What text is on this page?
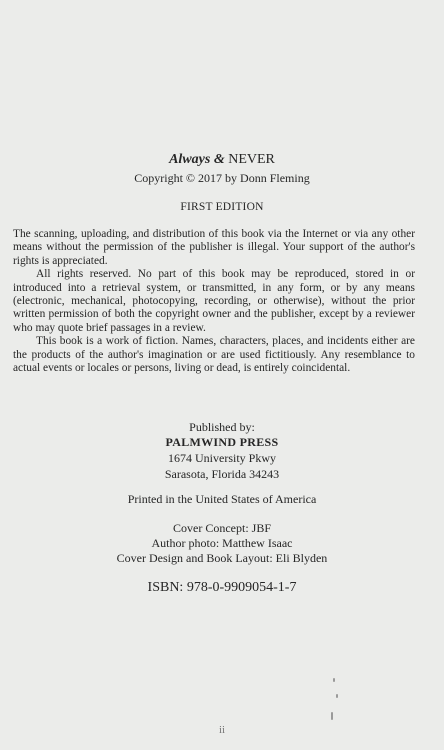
Always & NEVER
Copyright © 2017 by Donn Fleming
FIRST EDITION

The scanning, uploading, and distribution of this book via the Internet or via any other means without the permission of the publisher is illegal. Your support of the author's rights is appreciated.

All rights reserved. No part of this book may be reproduced, stored in or introduced into a retrieval system, or transmitted, in any form, or by any means (electronic, mechanical, photocopying, recording, or otherwise), without the prior written permission of both the copyright owner and the publisher, except by a reviewer who may quote brief passages in a review.

This book is a work of fiction. Names, characters, places, and incidents either are the products of the author's imagination or are used fictitiously. Any resemblance to actual events or locales or persons, living or dead, is entirely coincidental.

Published by:
PALMWIND PRESS
1674 University Pkwy
Sarasota, Florida 34243
Printed in the United States of America
Cover Concept: JBF
Author photo: Matthew Isaac
Cover Design and Book Layout: Eli Blyden
ISBN: 978-0-9909054-1-7
ii
